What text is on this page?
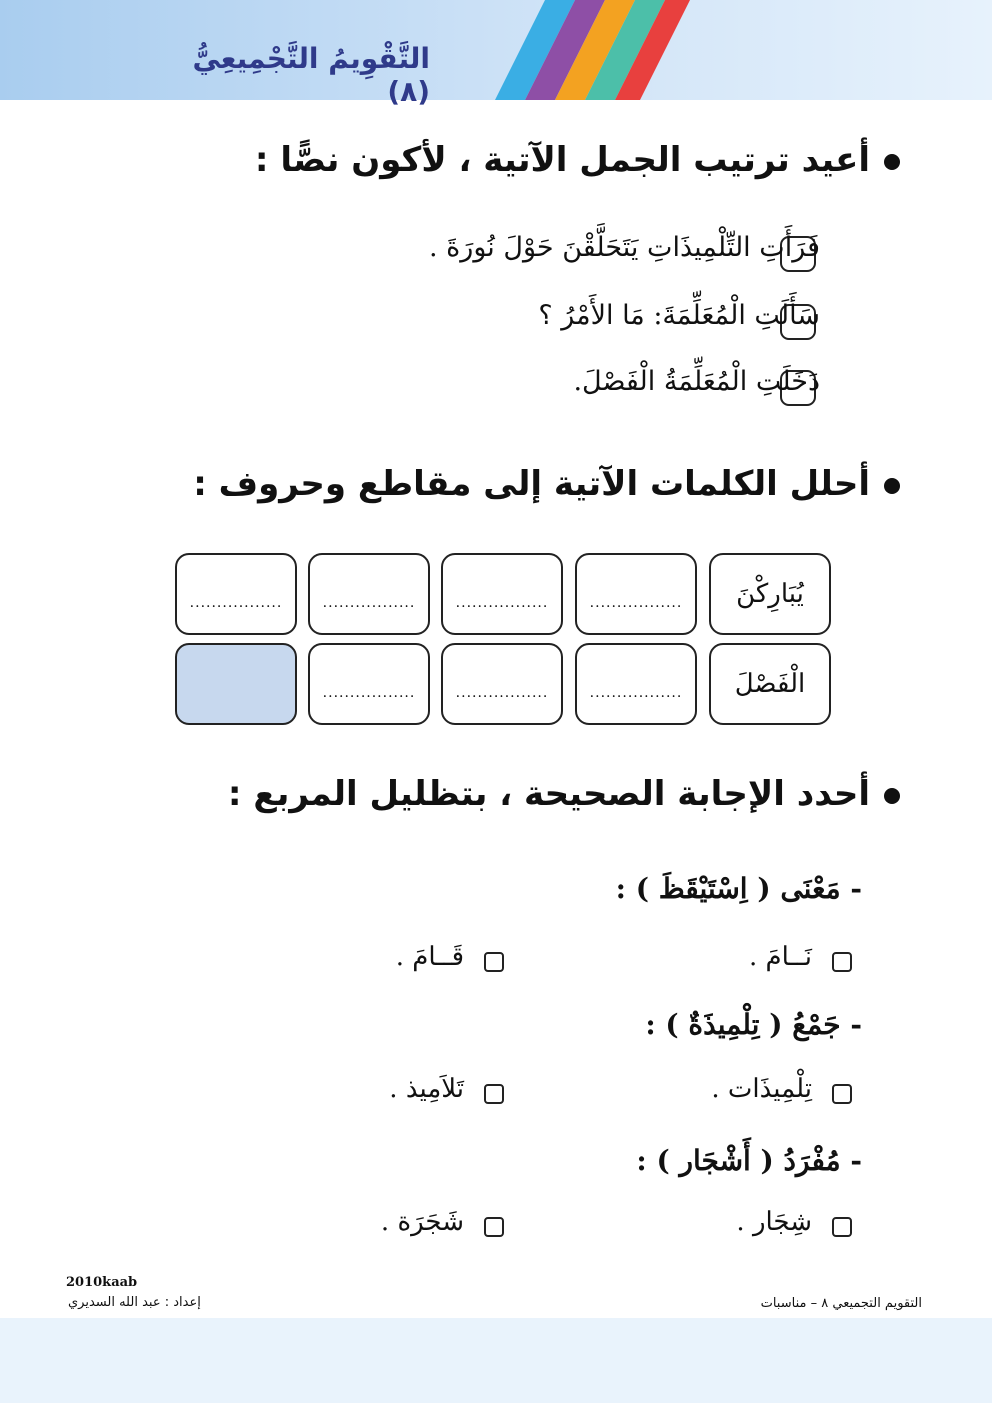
التَّقْوِيمُ التَّجْمِيعِيُّ (٨)
أعيد ترتيب الجمل الآتية ، لأكون نصًّا :
فَرَأَتِ التِّلْمِيذَاتِ يَتَحَلَّقْنَ حَوْلَ نُورَةَ .
سَأَلَتِ الْمُعَلِّمَةَ: مَا الأَمْرُ ؟
دَخَلَتِ الْمُعَلِّمَةُ الْفَصْلَ.
أحلل الكلمات الآتية إلى مقاطع وحروف :
يُبَارِكْنَ
.................
.................
.................
.................
الْفَصْلَ
.................
.................
.................
أحدد الإجابة الصحيحة ، بتظليل المربع :
- مَعْنَى ( اِسْتَيْقَظَ ) :
نَــامَ .
قَــامَ .
- جَمْعُ ( تِلْمِيذَةٌ ) :
تِلْمِيذَات .
تَلاَمِيذ .
- مُفْرَدُ ( أَشْجَار ) :
شِجَار .
شَجَرَة .
2010kaab
إعداد : عبد الله السديري	التقويم التجميعي ٨ – مناسبات
